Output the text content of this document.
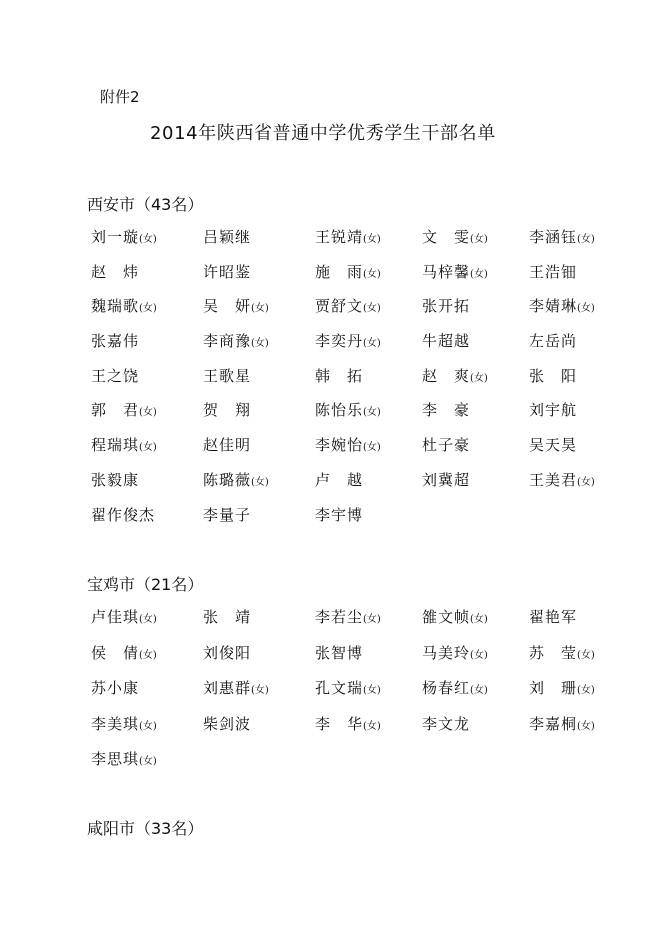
附件2
2014年陕西省普通中学优秀学生干部名单
西安市（43名）
刘一璇(女)	吕颖继	王锐靖(女)	文　雯(女)	李涵钰(女)
赵　炜	许昭鉴	施　雨(女)	马梓馨(女)	王浩钿
魏瑞歌(女)	吴　妍(女)	贾舒文(女)	张开拓	李婧琳(女)
张嘉伟	李商豫(女)	李奕丹(女)	牛超越	左岳尚
王之饶	王歌星	韩　拓	赵　爽(女)	张　阳
郭　君(女)	贺　翔	陈怡乐(女)	李　豪	刘宇航
程瑞琪(女)	赵佳明	李婉怡(女)	杜子豪	吴天昊
张毅康	陈璐薇(女)	卢　越	刘冀超	王美君(女)
翟作俊杰	李量子	李宇博
宝鸡市（21名）
卢佳琪(女)	张　靖	李若尘(女)	雒文帧(女)	翟艳军
侯　倩(女)	刘俊阳	张智博	马美玲(女)	苏　莹(女)
苏小康	刘惠群(女)	孔文瑞(女)	杨春红(女)	刘　珊(女)
李美琪(女)	柴剑波	李　华(女)	李文龙	李嘉桐(女)
李思琪(女)
咸阳市（33名）
